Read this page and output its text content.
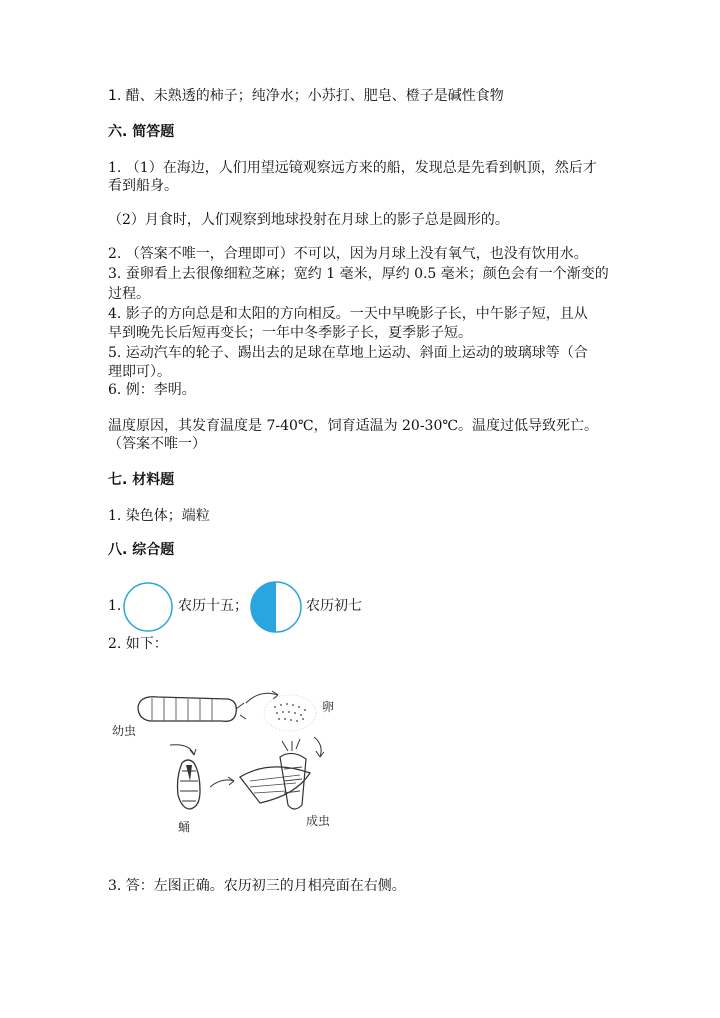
1. 醋、未熟透的柿子；纯净水；小苏打、肥皂、橙子是碱性食物
六. 简答题
1. （1）在海边，人们用望远镜观察远方来的船，发现总是先看到帆顶，然后才
看到船身。
（2）月食时，人们观察到地球投射在月球上的影子总是圆形的。
2. （答案不唯一，合理即可）不可以，因为月球上没有氧气，也没有饮用水。
3. 蚕卵看上去很像细粒芝麻；宽约 1 毫米，厚约 0.5 毫米；颜色会有一个渐变的
过程。
4. 影子的方向总是和太阳的方向相反。一天中早晚影子长，中午影子短，且从
早到晚先长后短再变长；一年中冬季影子长，夏季影子短。
5. 运动汽车的轮子、踢出去的足球在草地上运动、斜面上运动的玻璃球等（合
理即可）。
6. 例：李明。
温度原因，其发育温度是 7-40℃，饲育适温为 20-30℃。温度过低导致死亡。
（答案不唯一）
七. 材料题
1. 染色体；端粒
八. 综合题
1.	农历十五；	农历初七
2. 如下：
幼虫
卵
蛹	成虫
3. 答：左图正确。农历初三的月相亮面在右侧。
